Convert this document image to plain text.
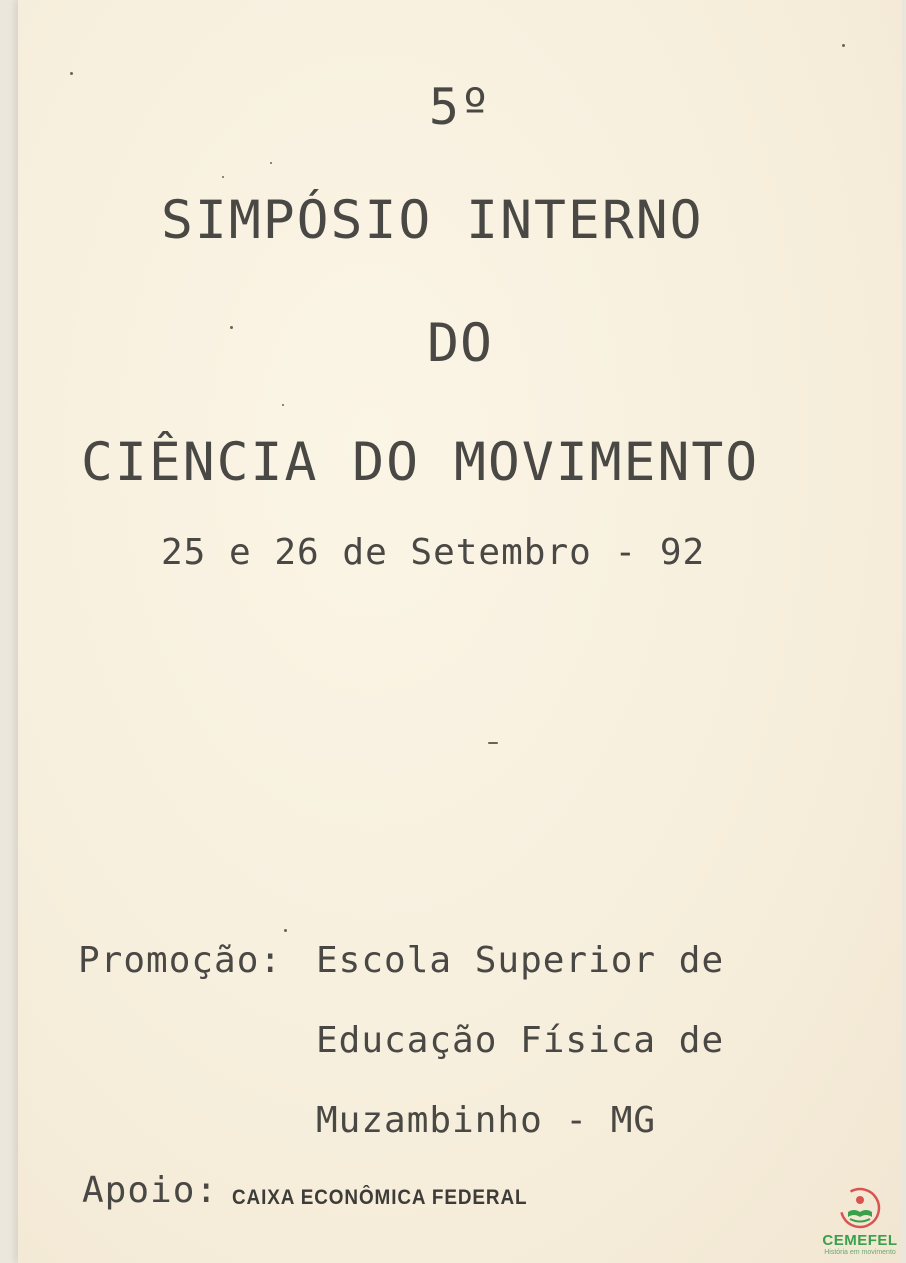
5º
SIMPÓSIO INTERNO
DO
CIÊNCIA DO MOVIMENTO
25 e 26 de Setembro - 92
Promoção: Escola Superior de
Educação Física de
Muzambinho - MG
Apoio: CAIXA ECONÔMICA FEDERAL
CEMEFEL
História em movimento
